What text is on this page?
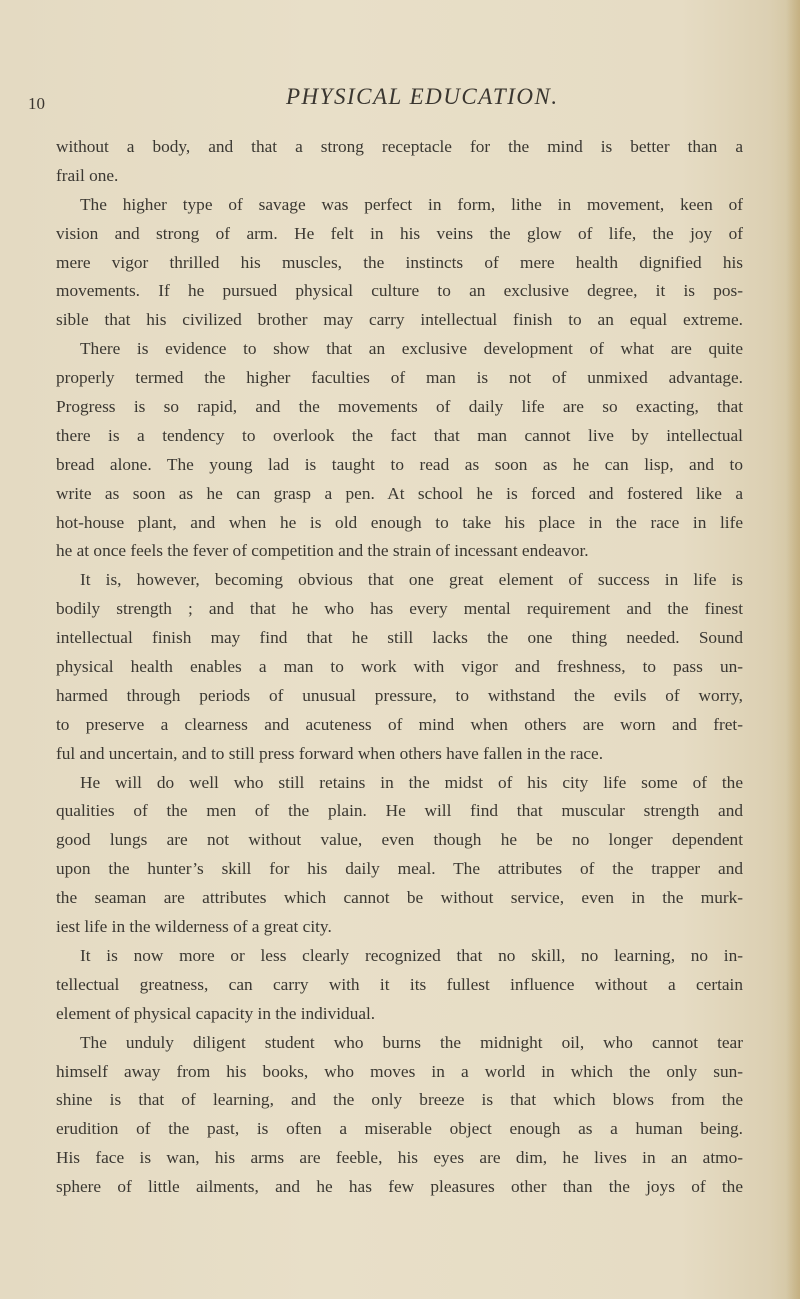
10	PHYSICAL EDUCATION.
without a body, and that a strong receptacle for the mind is better than a
frail one.
The higher type of savage was perfect in form, lithe in movement, keen of
vision and strong of arm. He felt in his veins the glow of life, the joy of
mere vigor thrilled his muscles, the instincts of mere health dignified his
movements. If he pursued physical culture to an exclusive degree, it is pos-
sible that his civilized brother may carry intellectual finish to an equal extreme.
There is evidence to show that an exclusive development of what are quite
properly termed the higher faculties of man is not of unmixed advantage.
Progress is so rapid, and the movements of daily life are so exacting, that
there is a tendency to overlook the fact that man cannot live by intellectual
bread alone. The young lad is taught to read as soon as he can lisp, and to
write as soon as he can grasp a pen. At school he is forced and fostered like a
hot-house plant, and when he is old enough to take his place in the race in life
he at once feels the fever of competition and the strain of incessant endeavor.
It is, however, becoming obvious that one great element of success in life is
bodily strength ; and that he who has every mental requirement and the finest
intellectual finish may find that he still lacks the one thing needed. Sound
physical health enables a man to work with vigor and freshness, to pass un-
harmed through periods of unusual pressure, to withstand the evils of worry,
to preserve a clearness and acuteness of mind when others are worn and fret-
ful and uncertain, and to still press forward when others have fallen in the race.
He will do well who still retains in the midst of his city life some of the
qualities of the men of the plain. He will find that muscular strength and
good lungs are not without value, even though he be no longer dependent
upon the hunter’s skill for his daily meal. The attributes of the trapper and
the seaman are attributes which cannot be without service, even in the murk-
iest life in the wilderness of a great city.
It is now more or less clearly recognized that no skill, no learning, no in-
tellectual greatness, can carry with it its fullest influence without a certain
element of physical capacity in the individual.
The unduly diligent student who burns the midnight oil, who cannot tear
himself away from his books, who moves in a world in which the only sun-
shine is that of learning, and the only breeze is that which blows from the
erudition of the past, is often a miserable object enough as a human being.
His face is wan, his arms are feeble, his eyes are dim, he lives in an atmo-
sphere of little ailments, and he has few pleasures other than the joys of the
